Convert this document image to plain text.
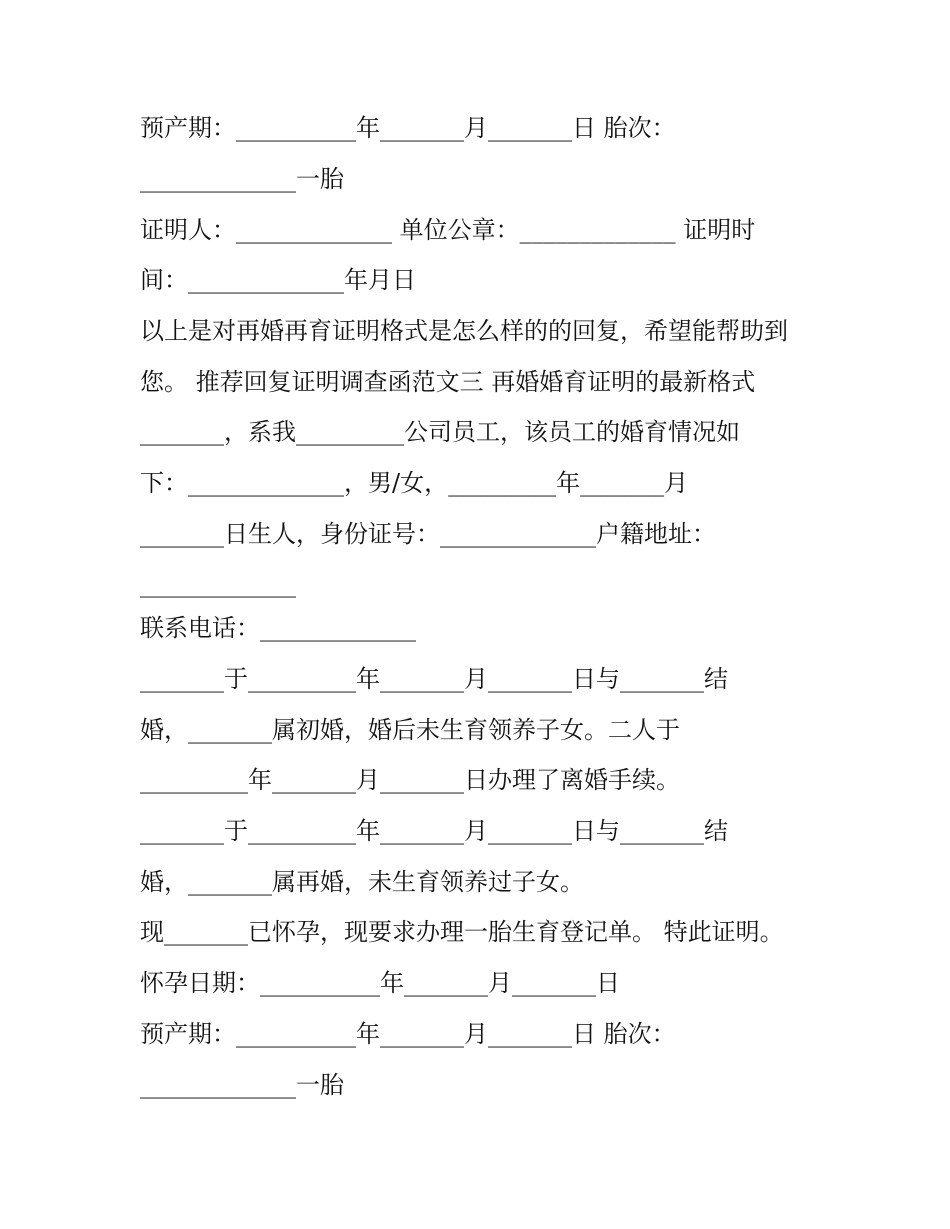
预产期：__________年_______月_______日 胎次：
_____________一胎
证明人：_____________ 单位公章：_____________ 证明时
间：_____________年月日
以上是对再婚再育证明格式是怎么样的的回复，希望能帮助到
您。 推荐回复证明调查函范文三 再婚婚育证明的最新格式
_______，系我_________公司员工，该员工的婚育情况如
下：_____________，男/女，_________年_______月
_______日生人，身份证号：_____________户籍地址：
_____________
联系电话：_____________
_______于_________年_______月_______日与_______结
婚，_______属初婚，婚后未生育领养子女。二人于
_________年_______月_______日办理了离婚手续。
_______于_________年_______月_______日与_______结
婚，_______属再婚，未生育领养过子女。
现_______已怀孕，现要求办理一胎生育登记单。 特此证明。
怀孕日期：__________年_______月_______日
预产期：__________年_______月_______日 胎次：
_____________一胎
